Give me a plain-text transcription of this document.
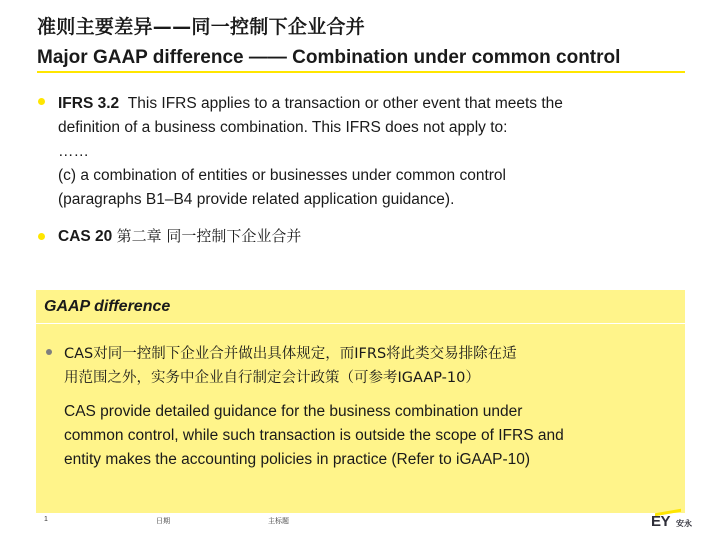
准则主要差异——同一控制下企业合并
Major GAAP difference —— Combination under common control
IFRS 3.2 This IFRS applies to a transaction or other event that meets the
definition of a business combination. This IFRS does not apply to:
……
(c) a combination of entities or businesses under common control
(paragraphs B1–B4 provide related application guidance).
CAS 20 第二章 同一控制下企业合并
GAAP difference
CAS对同一控制下企业合并做出具体规定，而IFRS将此类交易排除在适
用范围之外，实务中企业自行制定会计政策（可参考IGAAP-10）
CAS provide detailed guidance for the business combination under
common control, while such transaction is outside the scope of IFRS and
entity makes the accounting policies in practice (Refer to iGAAP-10)
1	日期	主标题	EY 安永
